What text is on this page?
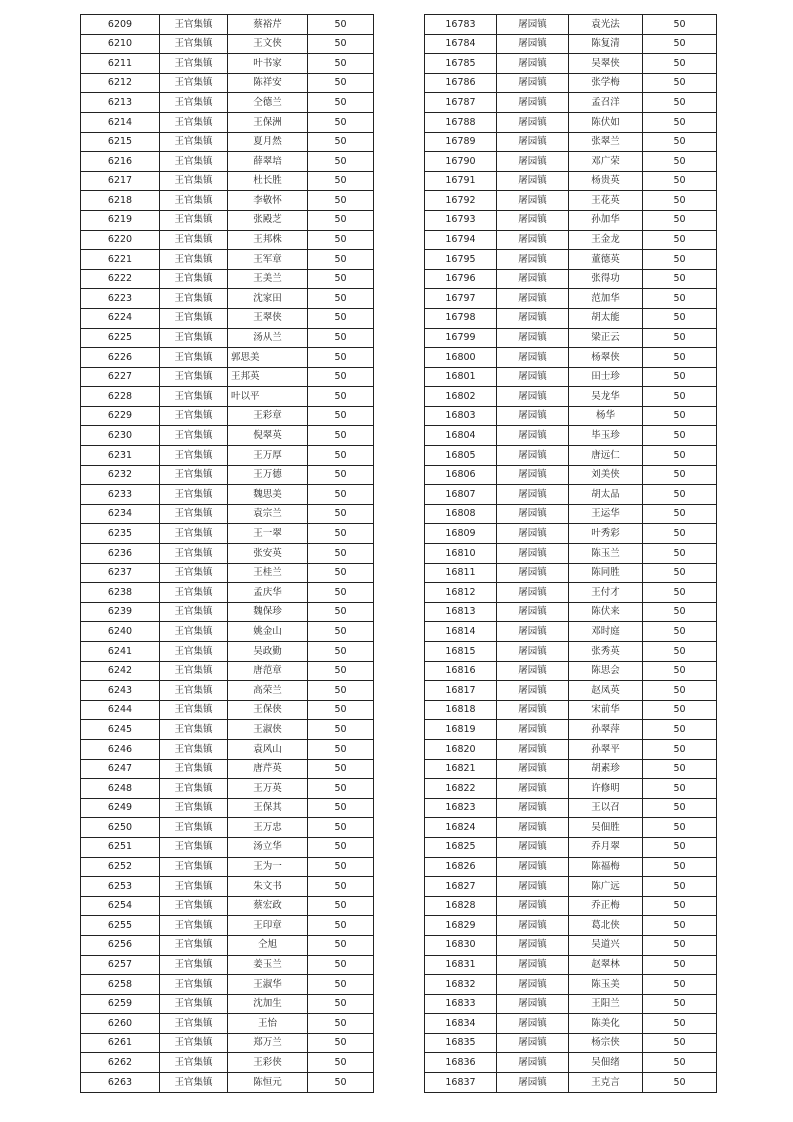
6209	王官集镇	蔡裕芹	50
6210	王官集镇	王文侠	50
6211	王官集镇	叶书家	50
6212	王官集镇	陈祥安	50
6213	王官集镇	仝德兰	50
6214	王官集镇	王保洲	50
6215	王官集镇	夏月然	50
6216	王官集镇	薛翠培	50
6217	王官集镇	杜长胜	50
6218	王官集镇	李敬怀	50
6219	王官集镇	张殿芝	50
6220	王官集镇	王邦株	50
6221	王官集镇	王军章	50
6222	王官集镇	王美兰	50
6223	王官集镇	沈家田	50
6224	王官集镇	王翠侠	50
6225	王官集镇	汤从兰	50
6226	王官集镇	郭思美	50
6227	王官集镇	王邦英	50
6228	王官集镇	叶以平	50
6229	王官集镇	王彩章	50
6230	王官集镇	倪翠英	50
6231	王官集镇	王万厚	50
6232	王官集镇	王万德	50
6233	王官集镇	魏思美	50
6234	王官集镇	袁宗兰	50
6235	王官集镇	王一翠	50
6236	王官集镇	张安英	50
6237	王官集镇	王桂兰	50
6238	王官集镇	孟庆华	50
6239	王官集镇	魏保珍	50
6240	王官集镇	姚金山	50
6241	王官集镇	吴政勤	50
6242	王官集镇	唐范章	50
6243	王官集镇	高荣兰	50
6244	王官集镇	王保侠	50
6245	王官集镇	王淑侠	50
6246	王官集镇	袁风山	50
6247	王官集镇	唐芹英	50
6248	王官集镇	王万英	50
6249	王官集镇	王保其	50
6250	王官集镇	王万忠	50
6251	王官集镇	汤立华	50
6252	王官集镇	王为一	50
6253	王官集镇	朱文书	50
6254	王官集镇	蔡宏政	50
6255	王官集镇	王印章	50
6256	王官集镇	仝旭	50
6257	王官集镇	姜玉兰	50
6258	王官集镇	王淑华	50
6259	王官集镇	沈加生	50
6260	王官集镇	王怡	50
6261	王官集镇	郑万兰	50
6262	王官集镇	王彩侠	50
6263	王官集镇	陈恒元	50
16783	屠园镇	袁光法	50
16784	屠园镇	陈复清	50
16785	屠园镇	吴翠侠	50
16786	屠园镇	张学梅	50
16787	屠园镇	孟召洋	50
16788	屠园镇	陈伏如	50
16789	屠园镇	张翠兰	50
16790	屠园镇	邓广荣	50
16791	屠园镇	杨贵英	50
16792	屠园镇	王花英	50
16793	屠园镇	孙加华	50
16794	屠园镇	王金龙	50
16795	屠园镇	董德英	50
16796	屠园镇	张得功	50
16797	屠园镇	范加华	50
16798	屠园镇	胡太能	50
16799	屠园镇	梁正云	50
16800	屠园镇	杨翠侠	50
16801	屠园镇	田士珍	50
16802	屠园镇	吴龙华	50
16803	屠园镇	杨华	50
16804	屠园镇	毕玉珍	50
16805	屠园镇	唐远仁	50
16806	屠园镇	刘美侠	50
16807	屠园镇	胡太品	50
16808	屠园镇	王运华	50
16809	屠园镇	叶秀彩	50
16810	屠园镇	陈玉兰	50
16811	屠园镇	陈同胜	50
16812	屠园镇	王付才	50
16813	屠园镇	陈伏来	50
16814	屠园镇	邓时庭	50
16815	屠园镇	张秀英	50
16816	屠园镇	陈思会	50
16817	屠园镇	赵凤英	50
16818	屠园镇	宋前华	50
16819	屠园镇	孙翠萍	50
16820	屠园镇	孙翠平	50
16821	屠园镇	胡素珍	50
16822	屠园镇	许修明	50
16823	屠园镇	王以召	50
16824	屠园镇	吴佃胜	50
16825	屠园镇	乔月翠	50
16826	屠园镇	陈福梅	50
16827	屠园镇	陈广远	50
16828	屠园镇	乔正梅	50
16829	屠园镇	葛北侠	50
16830	屠园镇	吴道兴	50
16831	屠园镇	赵翠林	50
16832	屠园镇	陈玉美	50
16833	屠园镇	王阳兰	50
16834	屠园镇	陈美化	50
16835	屠园镇	杨宗侠	50
16836	屠园镇	吴佃绪	50
16837	屠园镇	王克言	50
